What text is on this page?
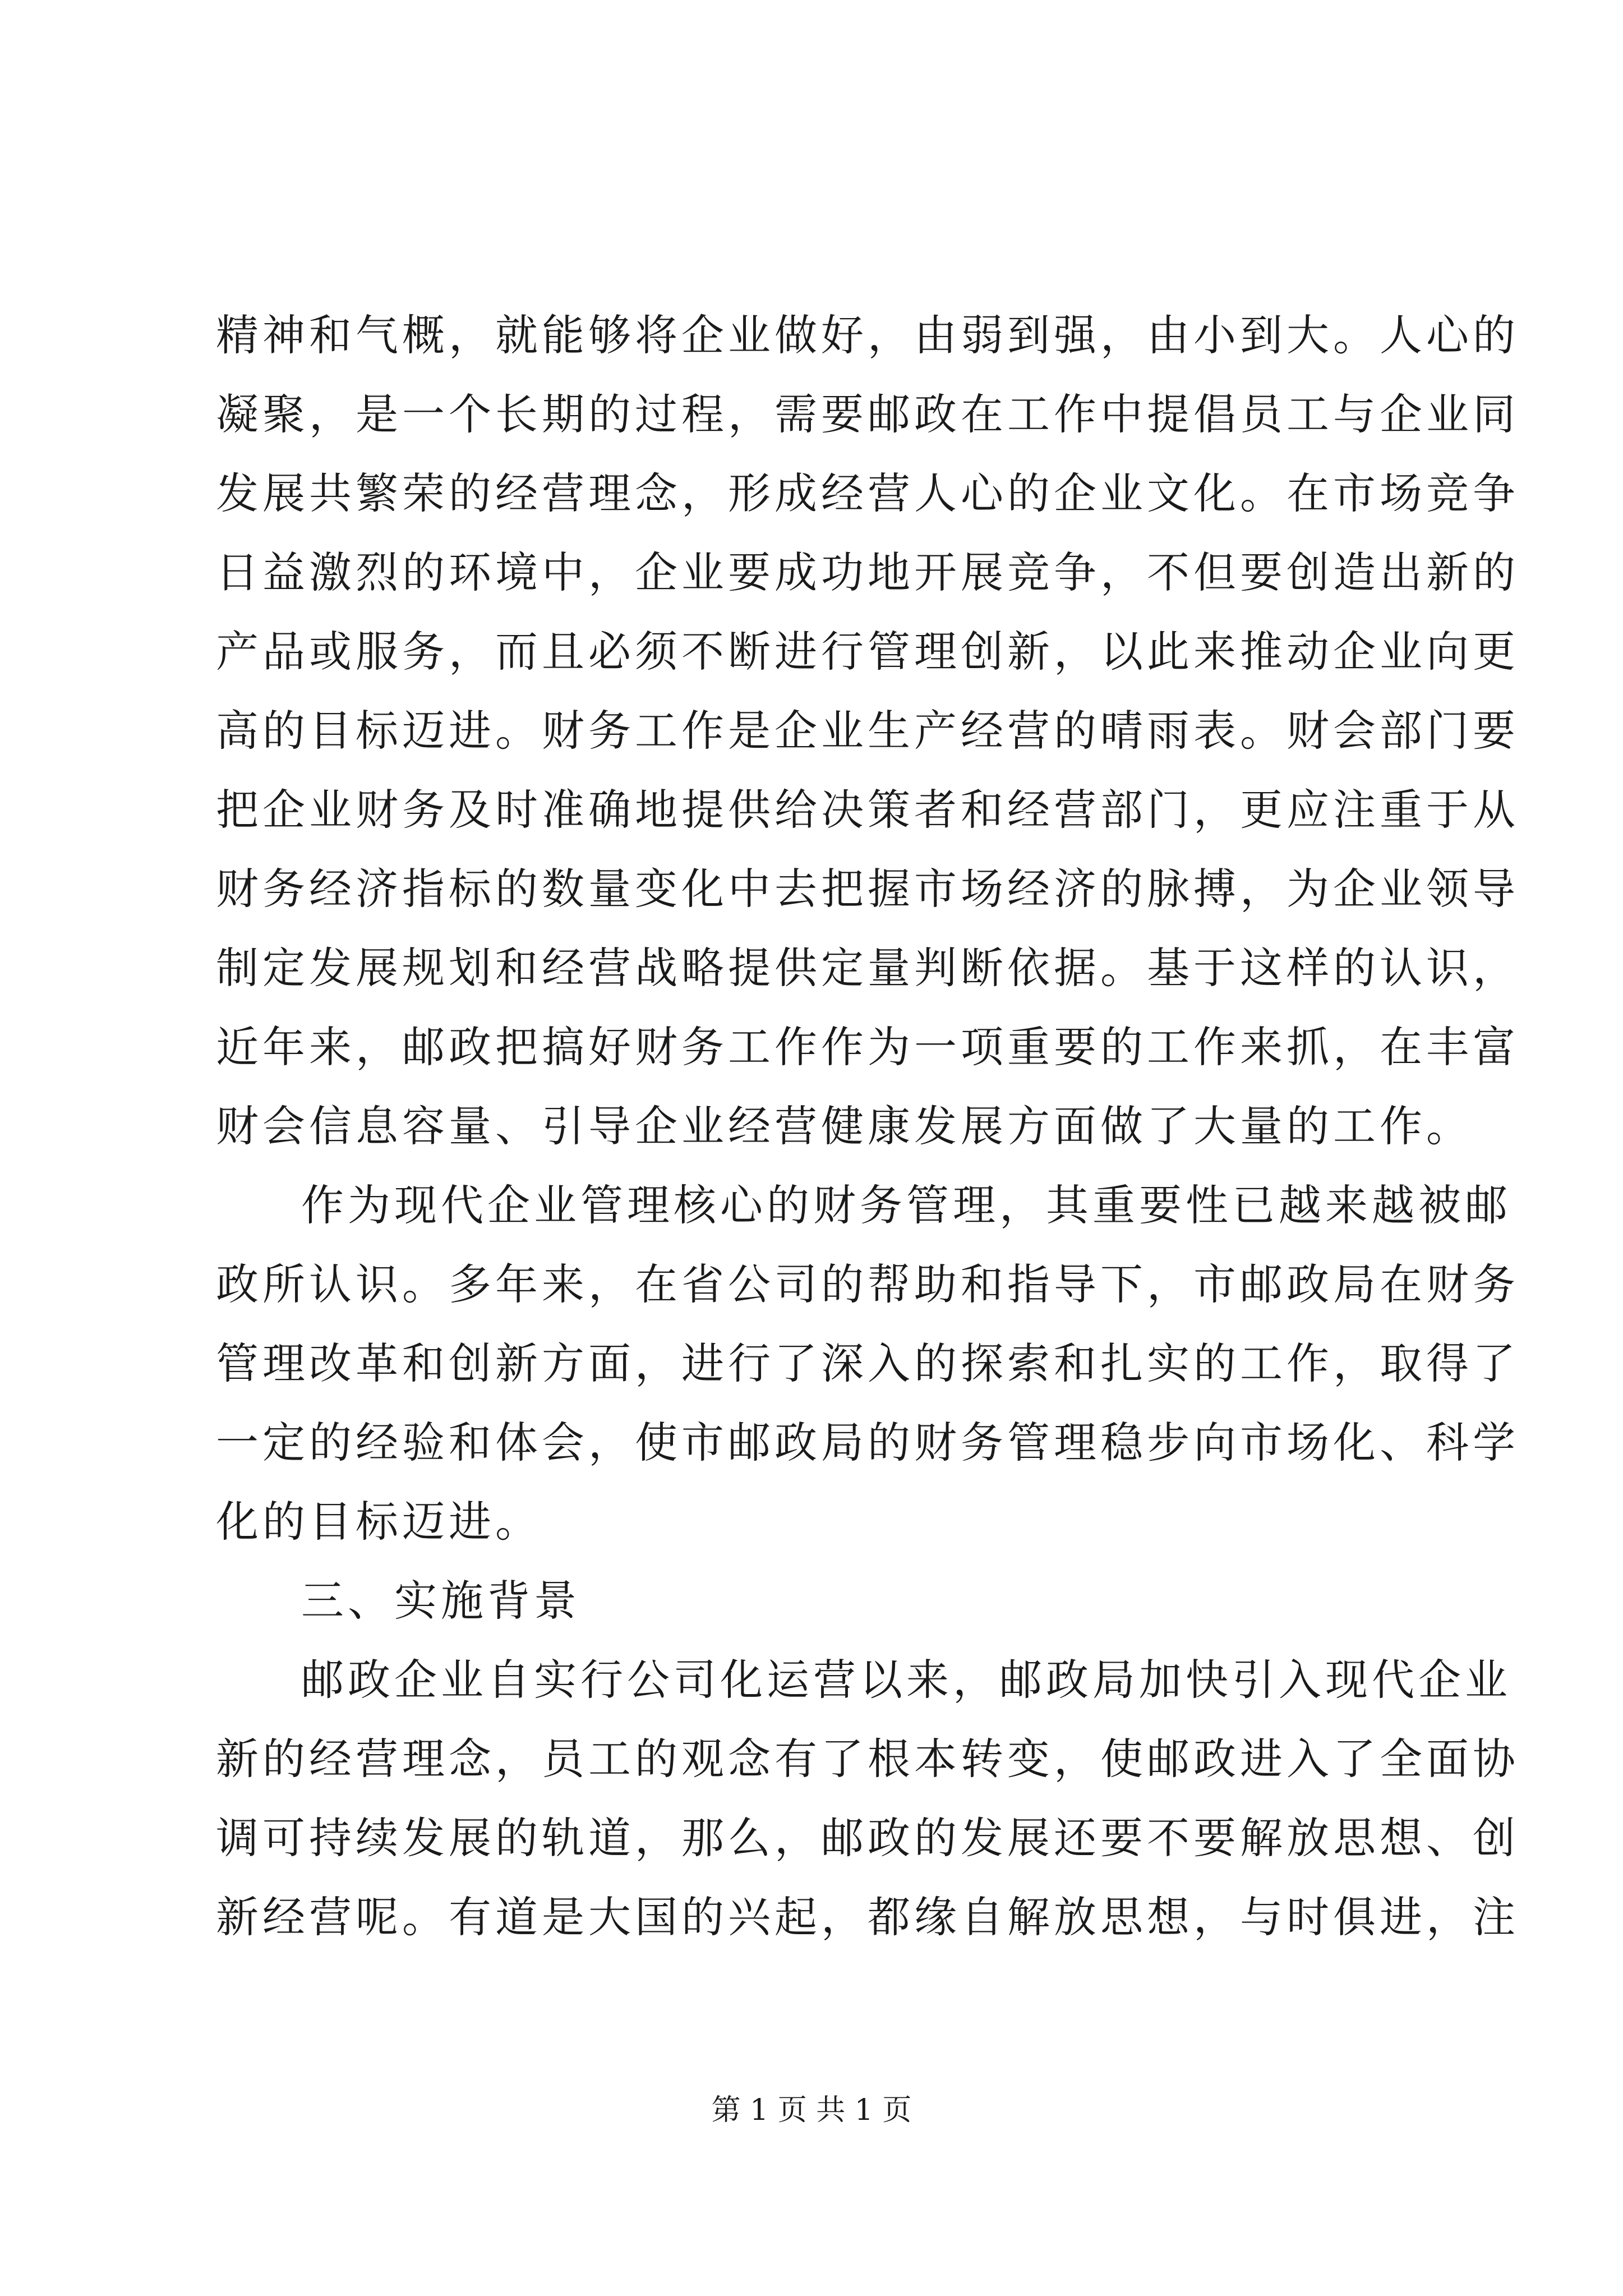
精神和气概，就能够将企业做好，由弱到强，由小到大。人心的
凝聚，是一个长期的过程，需要邮政在工作中提倡员工与企业同
发展共繁荣的经营理念，形成经营人心的企业文化。在市场竞争
日益激烈的环境中，企业要成功地开展竞争，不但要创造出新的
产品或服务，而且必须不断进行管理创新，以此来推动企业向更
高的目标迈进。财务工作是企业生产经营的晴雨表。财会部门要
把企业财务及时准确地提供给决策者和经营部门，更应注重于从
财务经济指标的数量变化中去把握市场经济的脉搏，为企业领导
制定发展规划和经营战略提供定量判断依据。基于这样的认识，
近年来，邮政把搞好财务工作作为一项重要的工作来抓，在丰富
财会信息容量、引导企业经营健康发展方面做了大量的工作。
作为现代企业管理核心的财务管理，其重要性已越来越被邮
政所认识。多年来，在省公司的帮助和指导下，市邮政局在财务
管理改革和创新方面，进行了深入的探索和扎实的工作，取得了
一定的经验和体会，使市邮政局的财务管理稳步向市场化、科学
化的目标迈进。
三、实施背景
邮政企业自实行公司化运营以来，邮政局加快引入现代企业
新的经营理念，员工的观念有了根本转变，使邮政进入了全面协
调可持续发展的轨道，那么，邮政的发展还要不要解放思想、创
新经营呢。有道是大国的兴起，都缘自解放思想，与时俱进，注
第 1 页 共 1 页
